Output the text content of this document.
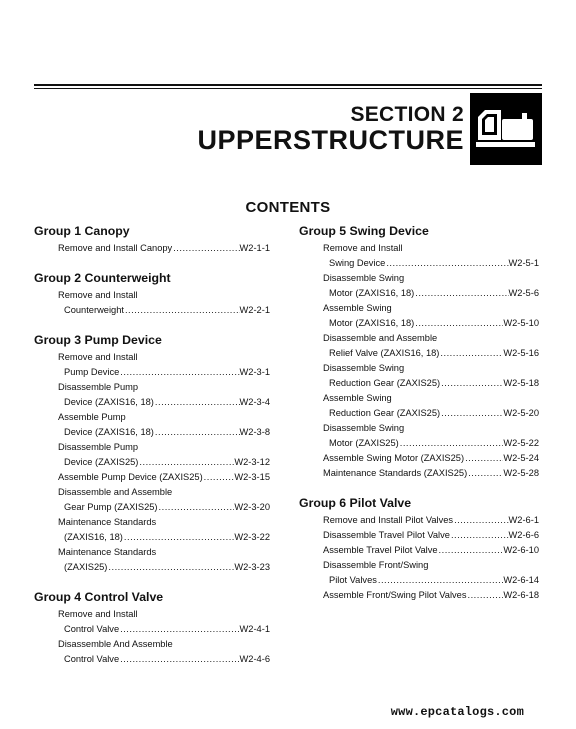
SECTION 2
UPPERSTRUCTURE
CONTENTS
Group 1 Canopy
Remove and Install Canopy .....	W2-1-1
Group 2 Counterweight
Remove and Install
Counterweight .....	W2-2-1
Group 3 Pump Device
Remove and Install
Pump Device .....	W2-3-1
Disassemble Pump
Device (ZAXIS16, 18) .....	W2-3-4
Assemble Pump
Device (ZAXIS16, 18) .....	W2-3-8
Disassemble Pump
Device (ZAXIS25) .....	W2-3-12
Assemble Pump Device (ZAXIS25) .....	W2-3-15
Disassemble and Assemble
Gear Pump (ZAXIS25) .....	W2-3-20
Maintenance Standards
(ZAXIS16, 18) .....	W2-3-22
Maintenance Standards
(ZAXIS25) .....	W2-3-23
Group 4 Control Valve
Remove and Install
Control Valve .....	W2-4-1
Disassemble And Assemble
Control Valve .....	W2-4-6
Group 5 Swing Device
Remove and Install
Swing Device .....	W2-5-1
Disassemble Swing
Motor (ZAXIS16, 18) .....	W2-5-6
Assemble Swing
Motor (ZAXIS16, 18) .....	W2-5-10
Disassemble and Assemble
Relief Valve (ZAXIS16, 18) .....	W2-5-16
Disassemble Swing
Reduction Gear (ZAXIS25) .....	W2-5-18
Assemble Swing
Reduction Gear (ZAXIS25) .....	W2-5-20
Disassemble Swing
Motor (ZAXIS25) .....	W2-5-22
Assemble Swing Motor (ZAXIS25) .....	W2-5-24
Maintenance Standards (ZAXIS25) .....	W2-5-28
Group 6 Pilot Valve
Remove and Install Pilot Valves .....	W2-6-1
Disassemble Travel Pilot Valve .....	W2-6-6
Assemble Travel Pilot Valve .....	W2-6-10
Disassemble Front/Swing
Pilot Valves .....	W2-6-14
Assemble Front/Swing Pilot Valves .....	W2-6-18
www.epcatalogs.com
